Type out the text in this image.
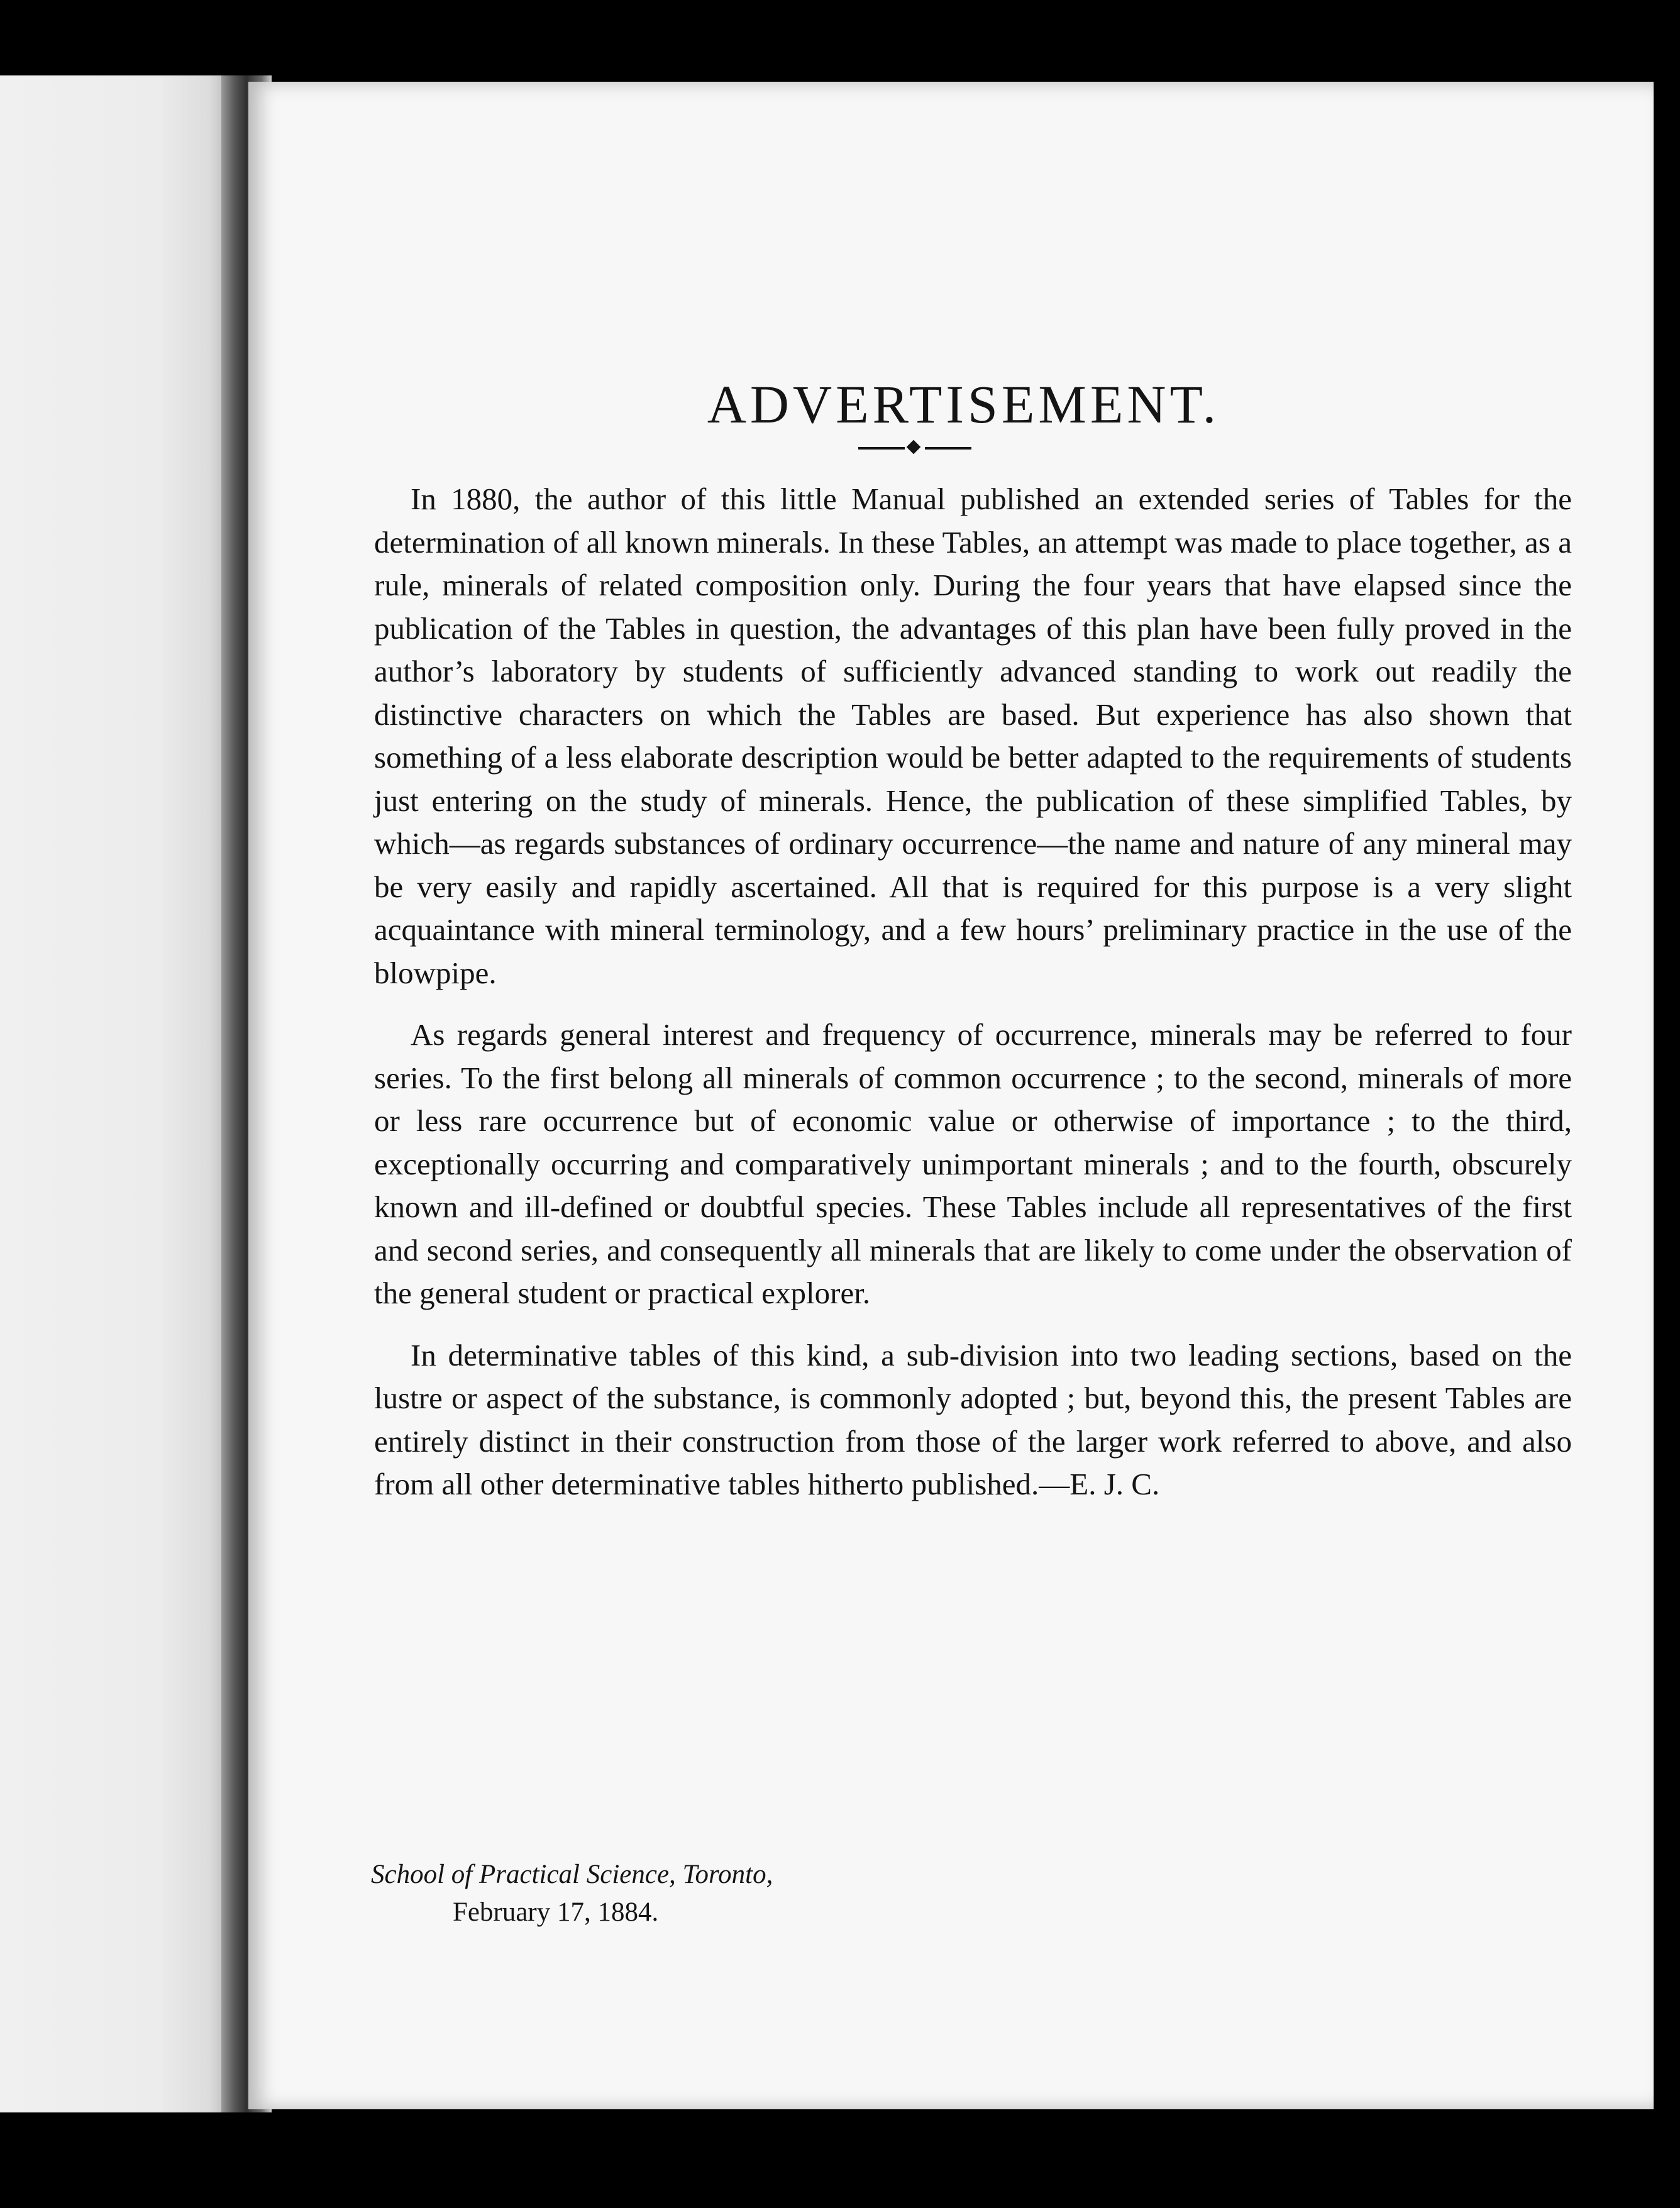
ADVERTISEMENT.

In 1880, the author of this little Manual published an extended series of Tables for the determination of all known minerals. In these Tables, an attempt was made to place together, as a rule, minerals of related composition only. During the four years that have elapsed since the publication of the Tables in question, the advantages of this plan have been fully proved in the author’s laboratory by students of sufficiently advanced standing to work out readily the distinctive characters on which the Tables are based. But experience has also shown that something of a less elaborate description would be better adapted to the requirements of students just entering on the study of minerals. Hence, the publication of these simplified Tables, by which—as regards substances of ordinary occurrence—the name and nature of any mineral may be very easily and rapidly ascertained. All that is required for this purpose is a very slight acquaintance with mineral terminology, and a few hours’ preliminary practice in the use of the blowpipe.

As regards general interest and frequency of occurrence, minerals may be referred to four series. To the first belong all minerals of common occurrence ; to the second, minerals of more or less rare occurrence but of economic value or otherwise of importance ; to the third, exceptionally occurring and comparatively unimportant minerals ; and to the fourth, obscurely known and ill-defined or doubtful species. These Tables include all representatives of the first and second series, and consequently all minerals that are likely to come under the observation of the general student or practical explorer.

In determinative tables of this kind, a sub-division into two leading sections, based on the lustre or aspect of the substance, is commonly adopted ; but, beyond this, the present Tables are entirely distinct in their construction from those of the larger work referred to above, and also from all other determinative tables hitherto published.—E. J. C.

School of Practical Science, Toronto,
February 17, 1884.
